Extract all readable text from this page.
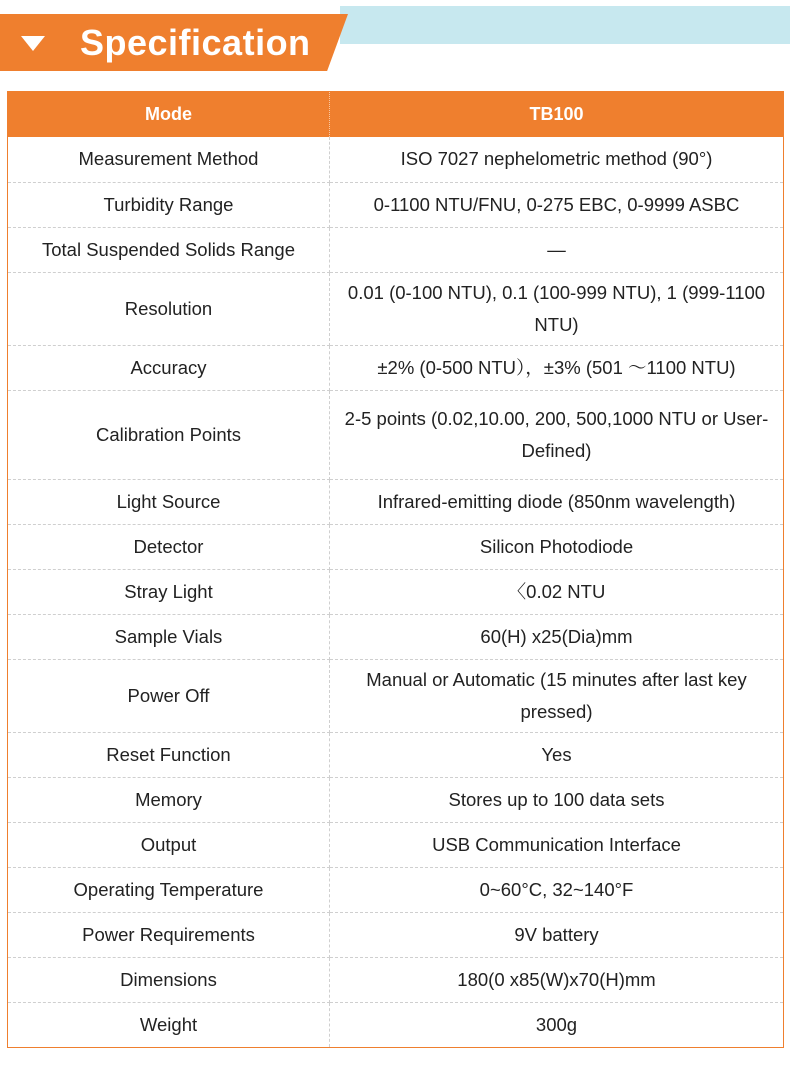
Specification
Mode	TB100
Measurement Method	ISO 7027 nephelometric method (90°)
Turbidity Range	0-1100 NTU/FNU, 0-275 EBC, 0-9999 ASBC
Total Suspended Solids Range	—
Resolution	0.01 (0-100 NTU), 0.1 (100-999 NTU), 1 (999-1100 NTU)
Accuracy	±2% (0-500 NTU），±3% (501 ～1100 NTU)
Calibration Points	2-5 points (0.02,10.00, 200, 500,1000 NTU or User-Defined)
Light Source	Infrared-emitting diode (850nm wavelength)
Detector	Silicon Photodiode
Stray Light	〈0.02 NTU
Sample Vials	60(H) x25(Dia)mm
Power Off	Manual or Automatic (15 minutes after last key pressed)
Reset Function	Yes
Memory	Stores up to 100 data sets
Output	USB Communication Interface
Operating Temperature	0~60°C, 32~140°F
Power Requirements	9V battery
Dimensions	180(0 x85(W)x70(H)mm
Weight	300g
